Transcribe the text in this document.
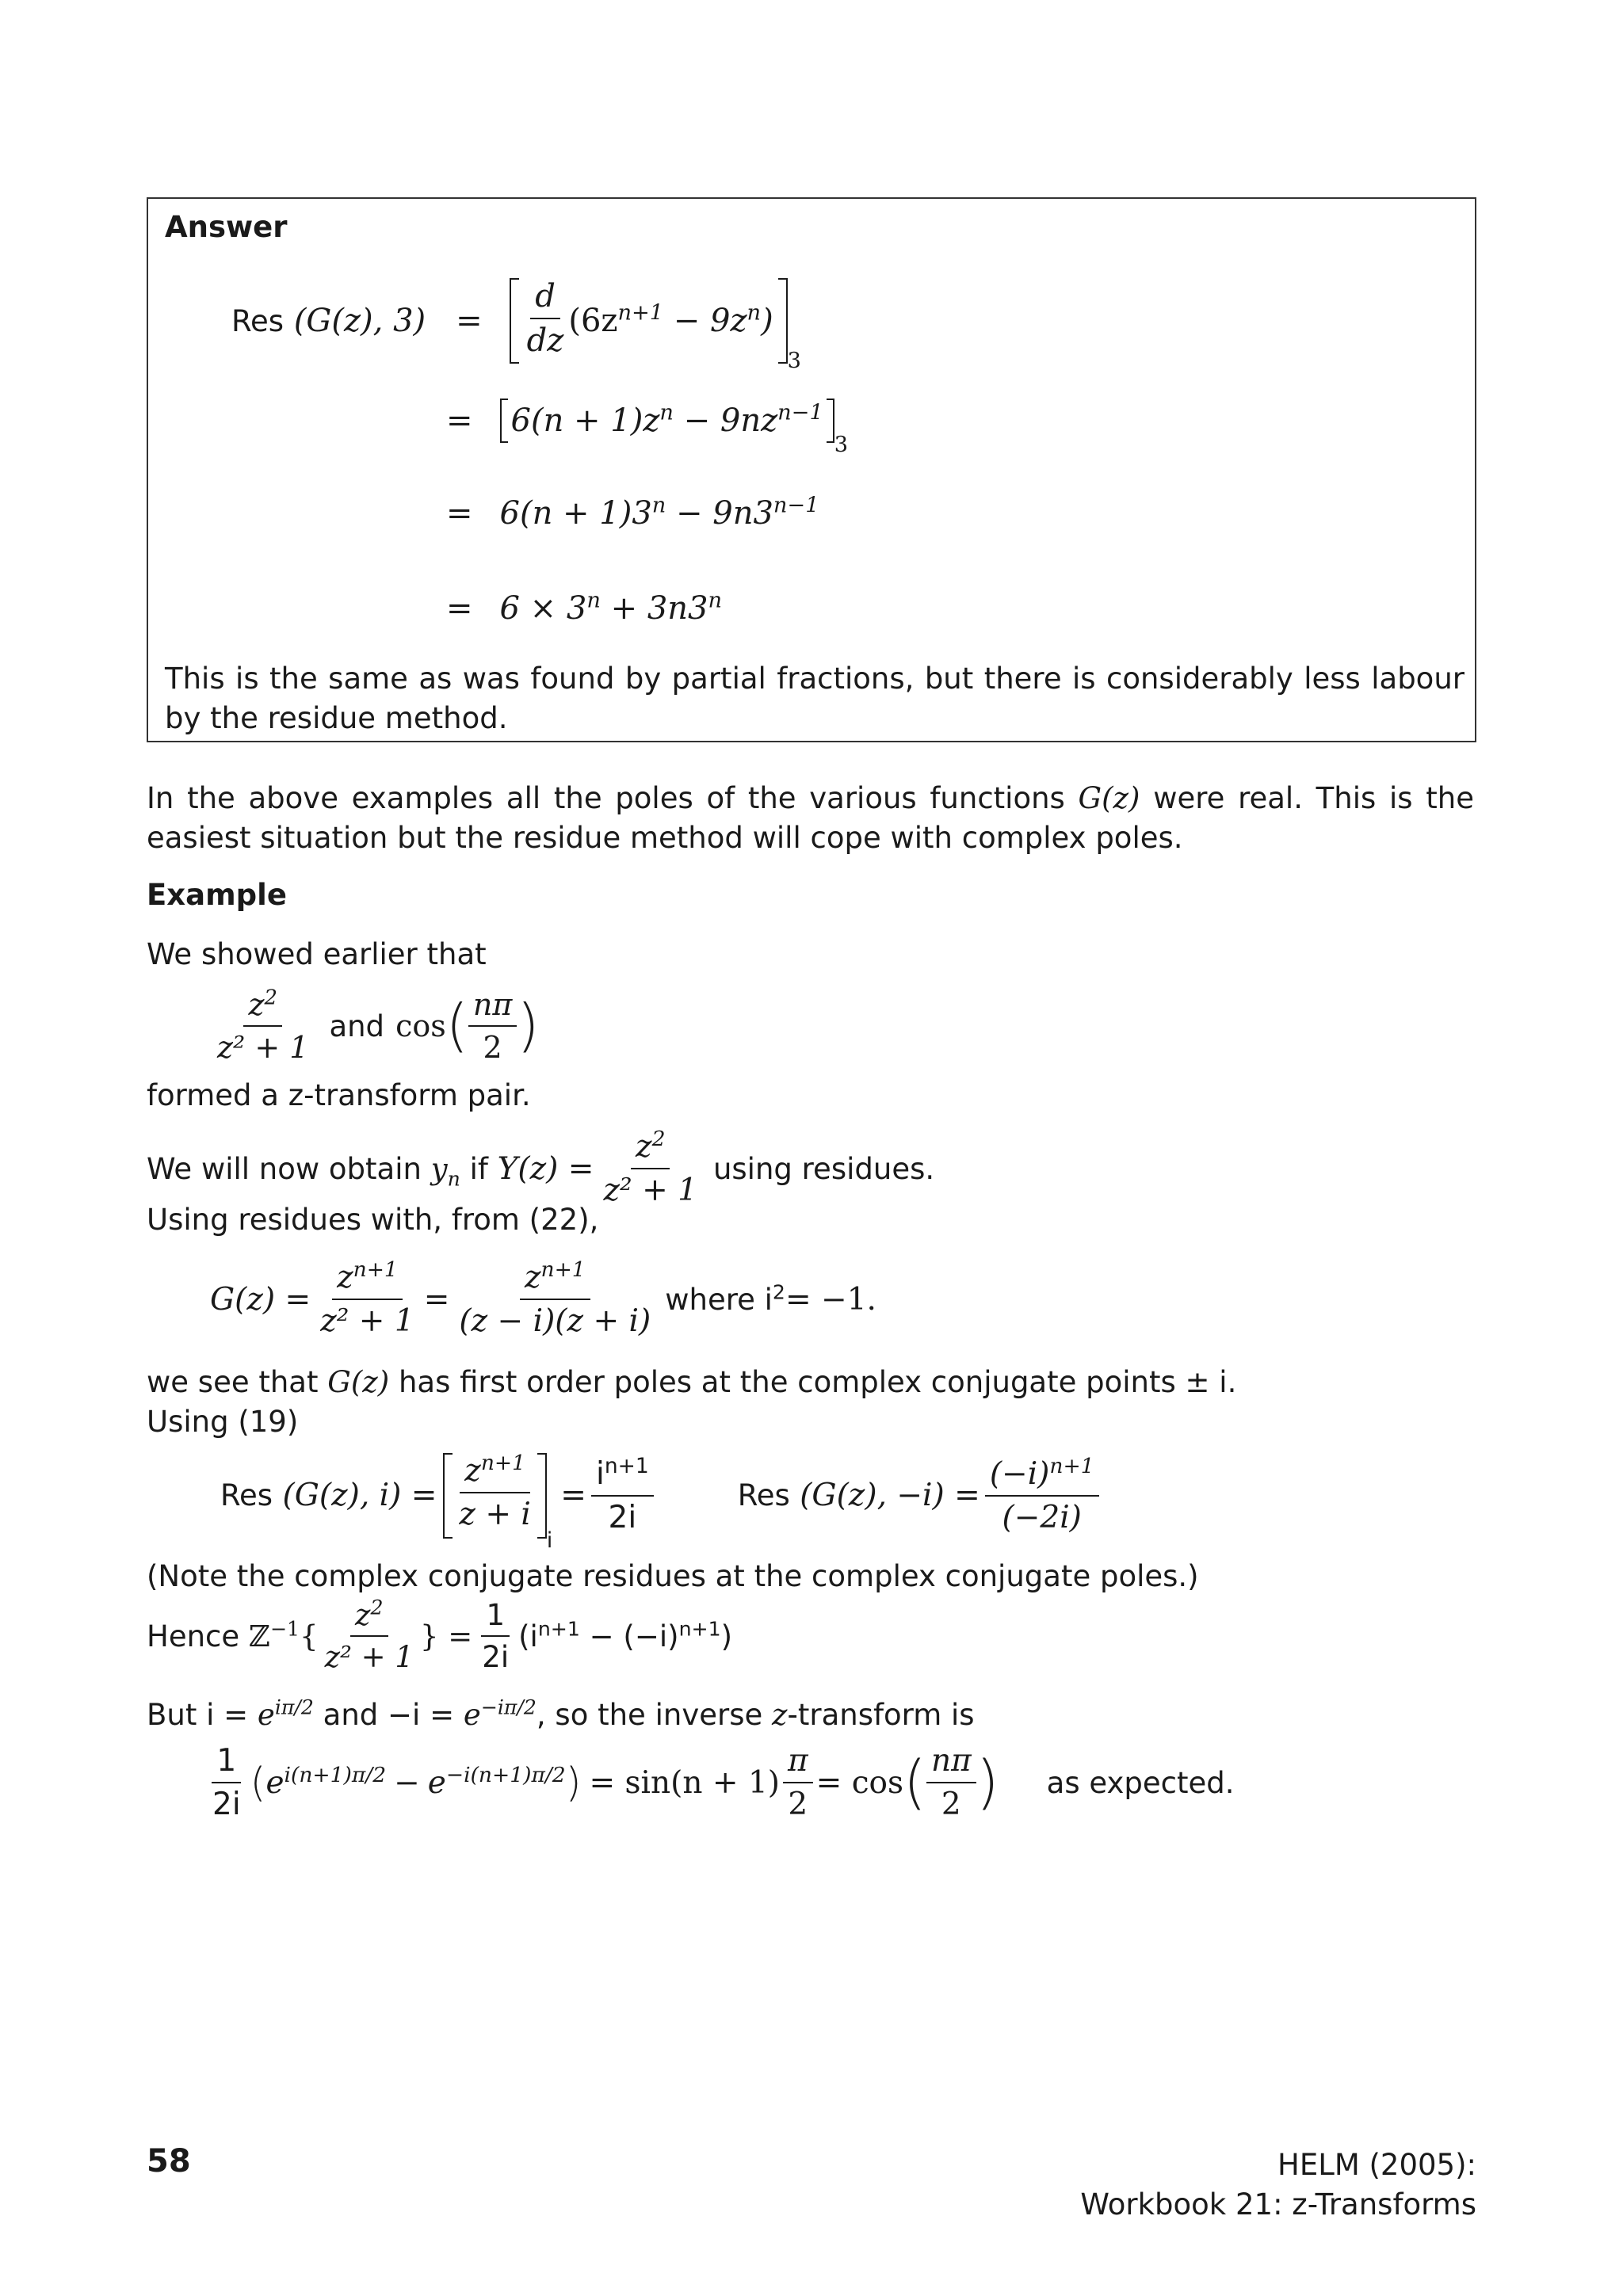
Answer
Res
(G(z), $3) = \frac{d}{dz} (6z^{n+1} - 9z^n)$
3
= $6(n + 1)z^n - 9nz^{n-1}$
3
= $6(n + 1)3^n - 9n3^{n-1}$
= $6 \times 3^n + 3n3^n$
This is the same as was found by partial fractions, but there is considerably less labour by the residue method.
In the above examples all the poles of the various functions G(z) were real. This is the easiest situation but the residue method will cope with complex poles.
Example
We showed earlier that
$\frac{z^2}{\text{z² + 1}}$ and cos ( $\frac{n\pi}{2}$ )
formed a z-transform pair.
We will now obtain
$y_n$
if
$Y(z) = \frac{z^2}{\text{z² + 1}}$ using residues.
Using residues with, from (22),
$G(z) = \frac{z^{n+1}}{\text{z² + 1}} = \frac{z^{n+1}}{(z - i)(z + i)}$ where $i^2 = -1$.
we see that G(z) has first order poles at the complex conjugate points ± i.
Using (19)
Res
(G(z), $i) = \frac{z^{n+1}}{z + i}$
i
= $\frac{i^{n+1}}{2i}$	Res
(G(z), $-i) = \frac{(-i)^{n+1}}{(-2i)}$
(Note the complex conjugate residues at the complex conjugate poles.)
Hence
ℤ$^{-1}${ $\frac{z^2}{\text{z² + 1}}$ } = $\frac{1}{2i} (i^{n+1} - (-i)^{n+1})$
But $i = e^{i\pi/2}$ and $-i = e^{-i\pi/2}$, so the inverse z-transform is
$\frac{1}{2i}$ ( $e^{i(n+1)\pi/2} - e^{-i(n+1)\pi/2}$ ) = $\sin(n + 1) \frac{\pi}{2} = \cos$ ( $\frac{n\pi}{2}$ ) as expected.
58	HELM (2005):
Workbook 21: z-Transforms
